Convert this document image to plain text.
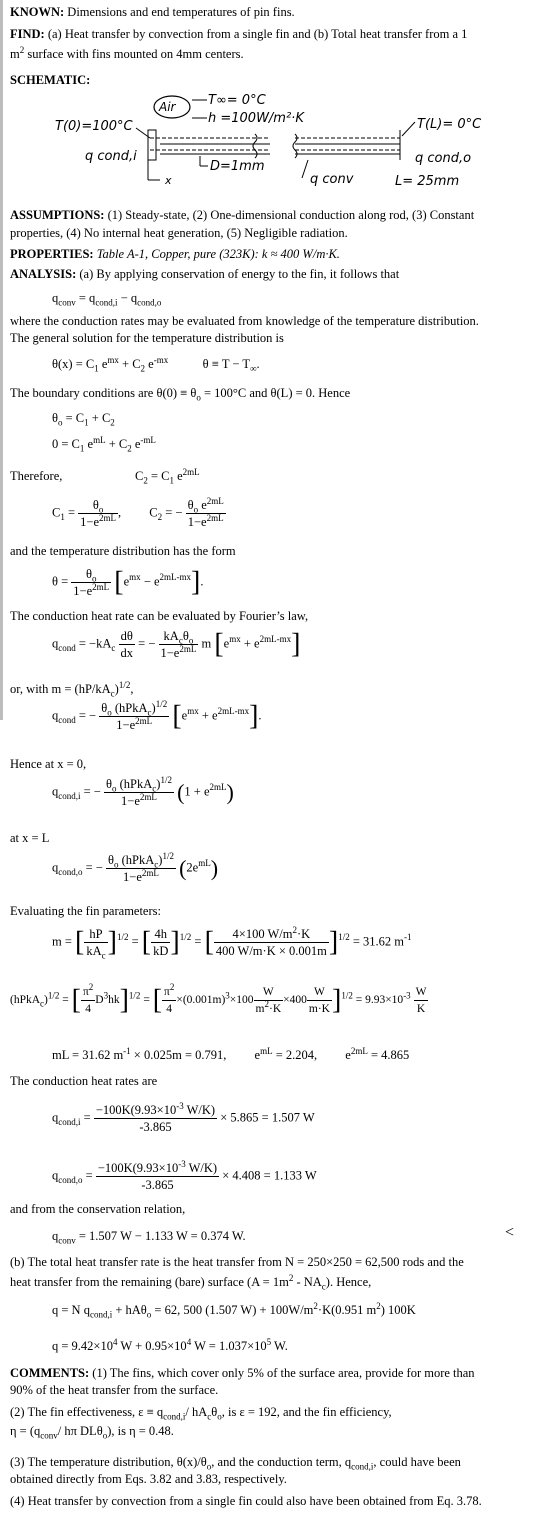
KNOWN: Dimensions and end temperatures of pin fins.
FIND: (a) Heat transfer by convection from a single fin and (b) Total heat transfer from a 1
$m^2$ surface with fins mounted on 4mm centers.
SCHEMATIC:
T(0)=100°C
Air	T∞= 0°C
h =100W/m²·K	T(L)= 0°C
x
q cond,i
D=1mm
q conv
q cond,o
L= 25mm
ASSUMPTIONS: (1) Steady-state, (2) One-dimensional conduction along rod, (3) Constant
properties, (4) No internal heat generation, (5) Negligible radiation.
PROPERTIES: Table A-1, Copper, pure (323K): k ≈ 400 W/m·K.
ANALYSIS: (a) By applying conservation of energy to the fin, it follows that
$q_{conv} = q_{cond,i} - q_{cond,o}$
where the conduction rates may be evaluated from knowledge of the temperature distribution.
The general solution for the temperature distribution is
$\theta(x) = C_1$ $e^{mx} + C_2$ $e^{-mx}$           $\theta \equiv T - T_\infty$.
The boundary conditions are $\theta(0) \equiv \theta_o = 100^\circ C$ and θ(L) = 0. Hence
$\theta_o = C_1 + C_2$
$0 = C_1$ $e^{mL} + C_2$ $e^{-mL}$
Therefore,	$C_2 = C_1$ $e^{2mL}$
$C_1 = \frac{\theta_o}{1-e^{2mL}}$ ,         $C_2$ = − $\frac{\theta_o e^{2mL}}{1-e^{2mL}}$
and the temperature distribution has the form
$\theta = \frac{\theta_o}{1-e^{2mL}} [e^{mx} - e^{2mL-mx}]$.
The conduction heat rate can be evaluated by Fourier’s law,
$q_{cond} = -kA_c \frac{d\theta}{dx}$ = − $\frac{kA_c\theta_o}{1-e^{2mL}}$ m $[e^{mx} + e^{2mL-mx}]$
or, with $m = (hP/kA_c)^{1/2}$,
$q_{cond}$ = − $\frac{\theta_o (hPkA_c)^{1/2}}{1-e^{2mL}} [e^{mx} + e^{2mL-mx}]$.
Hence at x = 0,
$q_{cond,i}$ = − $\frac{\theta_o (hPkA_c)^{1/2}}{1-e^{2mL}} (1 + e^{2mL})$
at x = L
$q_{cond,o}$ = − $\frac{\theta_o (hPkA_c)^{1/2}}{1-e^{2mL}} (2e^{mL})$
Evaluating the fin parameters:
m = [ $\frac{hP}{kA_c} ]^{1/2}$ = [ $\frac{4h}{kD} ]^{1/2}$ = [ $\frac{4\times 100 W/m^2\cdot K}{400 W/m\cdot K \times 0.001m} ]^{1/2} = 31.62$ $m^{-1}$
(hPkA$_c$)$^{1/2}$ = [ $\frac{\pi^2}{4} D^3hk]^{1/2}$ = [ $\frac{\pi^2}{4} \times(0.001m)^3\times 100 \frac{W}{m^2\cdot K} \times 400 \frac{W}{m\cdot K} ]^{1/2} = 9.93\times 10^{-3} \frac{W}{K}$
mL = 31.62 $m^{-1} \times 0.025m = 0.791$,         $e^{mL} = 2.204$,         $e^{2mL} = 4.865$
The conduction heat rates are
$q_{cond,i} = \frac{-100K(9.93\times 10^{-3} W/K)}{-3.865} \times 5.865 = 1.507$ W
$q_{cond,o} = \frac{-100K(9.93\times 10^{-3} W/K)}{-3.865} \times 4.408 = 1.133$ W
and from the conservation relation,
$q_{conv} = 1.507$ W − 1.133 W = 0.374 W.
(b) The total heat transfer rate is the heat transfer from N = 250×250 = 62,500 rods and the
heat transfer from the remaining (bare) surface $(A = 1m^2 - NA_c)$. Hence,
q = N $q_{cond,i} + hA\theta_o = 62$, 500 (1.507 $W) + 100W/m^2\cdot K(0.951$ $m^2$) 100K
$q = 9.42\times 10^4$ $W + 0.95\times 10^4$ $W = 1.037\times 10^5$ W.
COMMENTS: (1) The fins, which cover only 5% of the surface area, provide for more than
90% of the heat transfer from the surface.
(2) The fin effectiveness, $\varepsilon \equiv q_{cond,i}/$ $hA_c\theta_o$, is ε = 192, and the fin efficiency,
$\eta = (q_{conv}/$ hπ DLθ$_o$), is η = 0.48.
(3) The temperature distribution, $\theta(x)/\theta_o$, and the conduction term, $q_{cond,i}$, could have been
obtained directly from Eqs. 3.82 and 3.83, respectively.
(4) Heat transfer by convection from a single fin could also have been obtained from Eq. 3.78.
<
